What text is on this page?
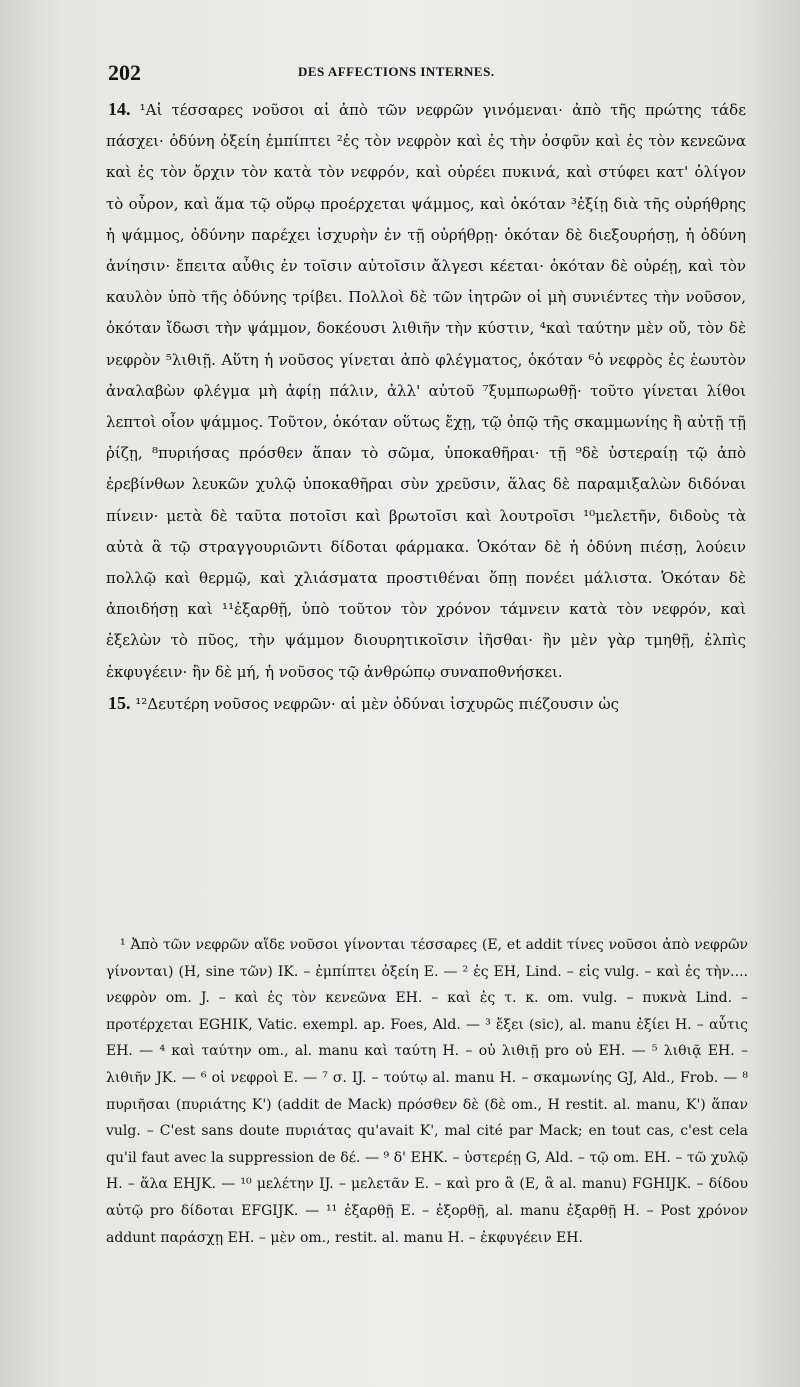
202	DES AFFECTIONS INTERNES.

14. ¹Αἱ τέσσαρες νοῦσοι αἱ ἀπὸ τῶν νεφρῶν γινόμεναι· ἀπὸ τῆς πρώτης τάδε πάσχει· ὀδύνη ὀξείη ἐμπίπτει ²ἐς τὸν νεφρὸν καὶ ἐς τὴν ὀσφῦν καὶ ἐς τὸν κενεῶνα καὶ ἐς τὸν ὄρχιν τὸν κατὰ τὸν νεφρόν, καὶ οὐρέει πυκινά, καὶ στύφει κατ' ὀλίγον τὸ οὖρον, καὶ ἅμα τῷ οὔρῳ προέρχεται ψάμμος, καὶ ὁκόταν ³ἐξίῃ διὰ τῆς οὐρήθρης ἡ ψάμμος, ὀδύνην παρέχει ἰσχυρὴν ἐν τῇ οὐρήθρῃ· ὁκόταν δὲ διεξουρήσῃ, ἡ ὀδύνη ἀνίησιν· ἔπειτα αὖθις ἐν τοῖσιν αὐτοῖσιν ἄλγεσι κέεται· ὁκόταν δὲ οὐρέῃ, καὶ τὸν καυλὸν ὑπὸ τῆς ὀδύνης τρίβει. Πολλοὶ δὲ τῶν ἰητρῶν οἱ μὴ συνιέντες τὴν νοῦσον, ὁκόταν ἴδωσι τὴν ψάμμον, δοκέουσι λιθιῆν τὴν κύστιν, ⁴καὶ ταύτην μὲν οὔ, τὸν δὲ νεφρὸν ⁵λιθιῇ. Αὕτη ἡ νοῦσος γίνεται ἀπὸ φλέγματος, ὁκόταν ⁶ὁ νεφρὸς ἐς ἑωυτὸν ἀναλαβὼν φλέγμα μὴ ἀφίῃ πάλιν, ἀλλ' αὐτοῦ ⁷ξυμπωρωθῇ· τοῦτο γίνεται λίθοι λεπτοὶ οἷον ψάμμος. Τοῦτον, ὁκόταν οὕτως ἔχῃ, τῷ ὀπῷ τῆς σκαμμωνίης ἢ αὐτῇ τῇ ῥίζῃ, ⁸πυριήσας πρόσθεν ἅπαν τὸ σῶμα, ὑποκαθῆραι· τῇ ⁹δὲ ὑστεραίῃ τῷ ἀπὸ ἐρεβίνθων λευκῶν χυλῷ ὑποκαθῆραι σὺν χρεῦσιν, ἅλας δὲ παραμιξαλὼν διδόναι πίνειν· μετὰ δὲ ταῦτα ποτοῖσι καὶ βρωτοῖσι καὶ λουτροῖσι ¹⁰μελετῆν, διδοὺς τὰ αὐτὰ ἃ τῷ στραγγουριῶντι δίδοται φάρμακα. Ὁκόταν δὲ ἡ ὀδύνη πιέσῃ, λούειν πολλῷ καὶ θερμῷ, καὶ χλιάσματα προστιθέναι ὅπῃ πονέει μάλιστα. Ὁκόταν δὲ ἀποιδήσῃ καὶ ¹¹ἐξαρθῇ, ὑπὸ τοῦτον τὸν χρόνον τάμνειν κατὰ τὸν νεφρόν, καὶ ἐξελὼν τὸ πῦος, τὴν ψάμμον διουρητικοῖσιν ἰῆσθαι· ἢν μὲν γὰρ τμηθῇ, ἐλπὶς ἐκφυγέειν· ἢν δὲ μή, ἡ νοῦσος τῷ ἀνθρώπῳ συναποθνήσκει.

15. ¹²Δευτέρη νοῦσος νεφρῶν· αἱ μὲν ὀδύναι ἰσχυρῶς πιέζουσιν ὡς

¹ Ἀπὸ τῶν νεφρῶν αἵδε νοῦσοι γίνονται τέσσαρες (E, et addit τίνες νοῦσοι ἀπὸ νεφρῶν γίνονται) (H, sine τῶν) IK. – ἐμπίπτει ὀξείη E. — ² ἐς EH, Lind. – εἰς vulg. – καὶ ἐς τὴν.... νεφρὸν om. J. – καὶ ἐς τὸν κενεῶνα EH. – καὶ ἐς τ. κ. om. vulg. – πυκνὰ Lind. – προτέρχεται EGHIK, Vatic. exempl. ap. Foes, Ald. — ³ ἔξει (sic), al. manu ἐξίει H. – αὖτις EH. — ⁴ καὶ ταύτην om., al. manu καὶ ταύτη H. – οὐ λιθιῇ pro οὐ EH. — ⁵ λιθιᾷ EH. – λιθιῆν JK. — ⁶ οἱ νεφροὶ E. — ⁷ σ. IJ. – τούτῳ al. manu H. – σκαμωνίης GJ, Ald., Frob. — ⁸ πυριῆσαι (πυριάτης K') (addit de Mack) πρόσθεν δὲ (δὲ om., H restit. al. manu, K') ἅπαν vulg. – C'est sans doute πυριάτας qu'avait K', mal cité par Mack; en tout cas, c'est cela qu'il faut avec la suppression de δέ. — ⁹ δ' EHK. – ὑστερέῃ G, Ald. – τῷ om. EH. – τῶ χυλῷ H. – ἅλα EHJK. — ¹⁰ μελέτην IJ. – μελετᾶν E. – καὶ pro ἃ (E, ἃ al. manu) FGHIJK. – δίδου αὐτῷ pro δίδοται EFGIJK. — ¹¹ ἐξαρθῇ E. – ἐξορθῇ, al. manu ἐξαρθῇ H. – Post χρόνον addunt παράσχῃ EH. – μὲν om., restit. al. manu H. – ἐκφυγέειν EH.
